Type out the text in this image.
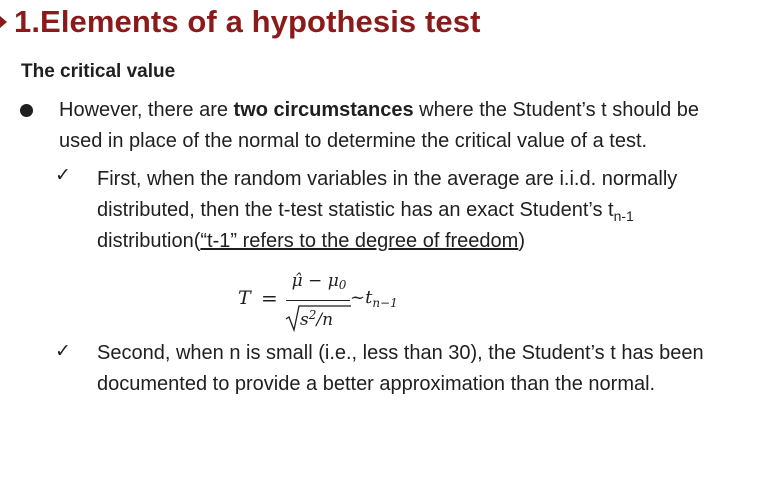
1.Elements of a hypothesis test
The critical value
However, there are two circumstances where the Student’s t should be
used in place of the normal to determine the critical value of a test.
✓ First, when the random variables in the average are i.i.d. normally
distributed, then the t-test statistic has an exact Student’s $t_{n-1}$
distribution(“t-1” refers to the degree of freedom)
T =
μ̂ − $\mu_0$
$s^2/n$
$\sim t_{n-1}$
✓ Second, when n is small (i.e., less than 30), the Student’s t has been
documented to provide a better approximation than the normal.
